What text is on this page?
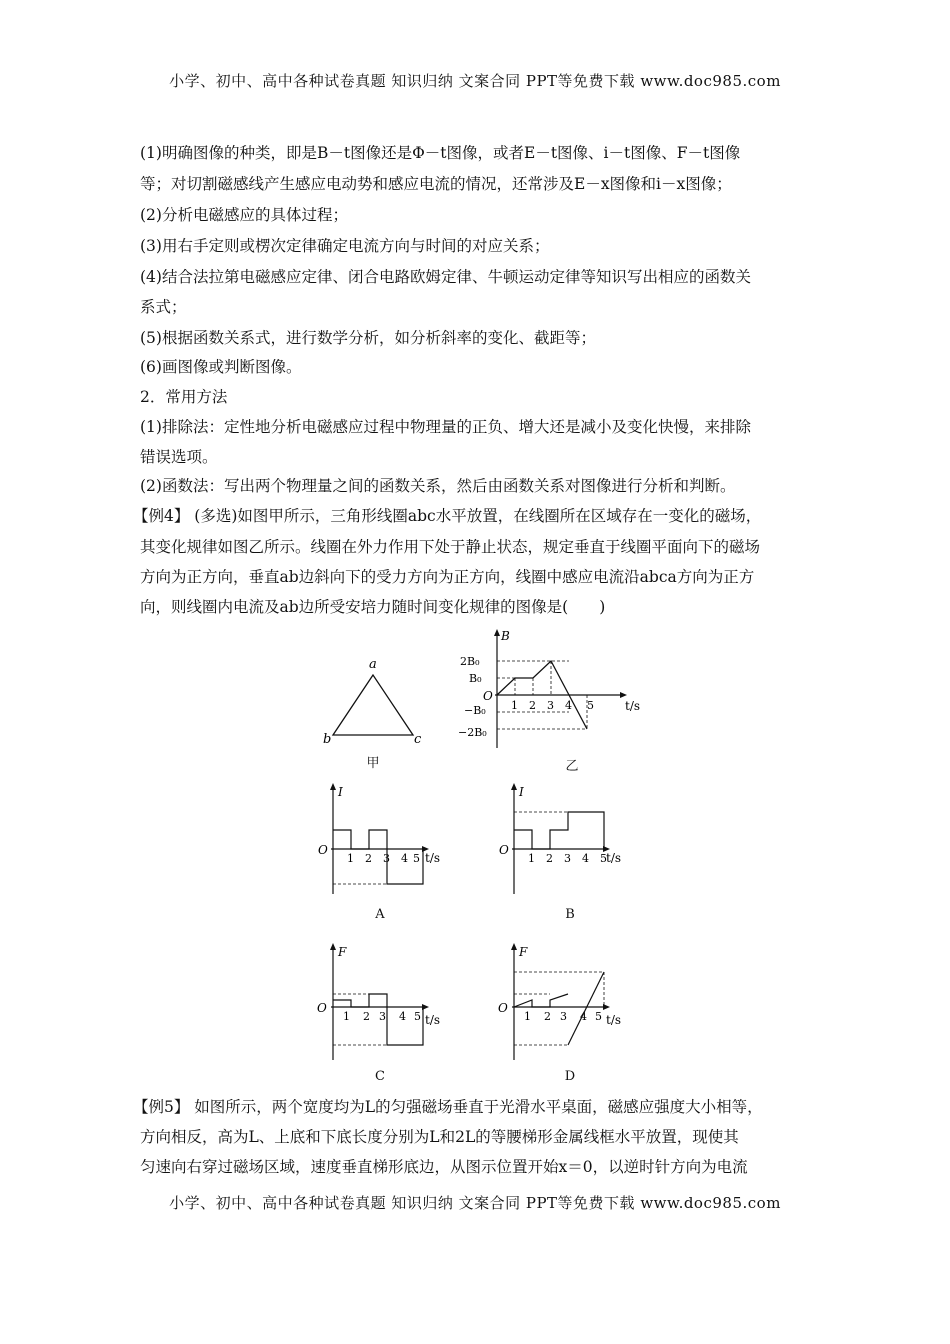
小学、初中、高中各种试卷真题 知识归纳 文案合同 PPT等免费下载 www.doc985.com
(1)明确图像的种类，即是B－t图像还是Φ－t图像，或者E－t图像、i－t图像、F－t图像
等；对切割磁感线产生感应电动势和感应电流的情况，还常涉及E－x图像和i－x图像；
(2)分析电磁感应的具体过程；
(3)用右手定则或楞次定律确定电流方向与时间的对应关系；
(4)结合法拉第电磁感应定律、闭合电路欧姆定律、牛顿运动定律等知识写出相应的函数关
系式；
(5)根据函数关系式，进行数学分析，如分析斜率的变化、截距等；
(6)画图像或判断图像。
2．常用方法
(1)排除法：定性地分析电磁感应过程中物理量的正负、增大还是减小及变化快慢，来排除
错误选项。
(2)函数法：写出两个物理量之间的函数关系，然后由函数关系对图像进行分析和判断。
【例4】 (多选)如图甲所示，三角形线圈abc水平放置，在线圈所在区域存在一变化的磁场，
其变化规律如图乙所示。线圈在外力作用下处于静止状态，规定垂直于线圈平面向下的磁场
方向为正方向，垂直ab边斜向下的受力方向为正方向，线圈中感应电流沿abca方向为正方
向，则线圈内电流及ab边所受安培力随时间变化规律的图像是(　　)
a
b	c
甲
B
t/s
O
2B₀
B₀
−B₀
−2B₀
1 2 3 4 5
乙
I
t/s
O
1 2 3 4 5
A
I
t/s
O
1 2 3 4 5
B
F
t/s
O
1 2 3 4 5
C
F
t/s
O
1 2 3 4 5
D
【例5】 如图所示，两个宽度均为L的匀强磁场垂直于光滑水平桌面，磁感应强度大小相等，
方向相反，高为L、上底和下底长度分别为L和2L的等腰梯形金属线框水平放置，现使其
匀速向右穿过磁场区域，速度垂直梯形底边，从图示位置开始x＝0，以逆时针方向为电流
小学、初中、高中各种试卷真题 知识归纳 文案合同 PPT等免费下载 www.doc985.com
